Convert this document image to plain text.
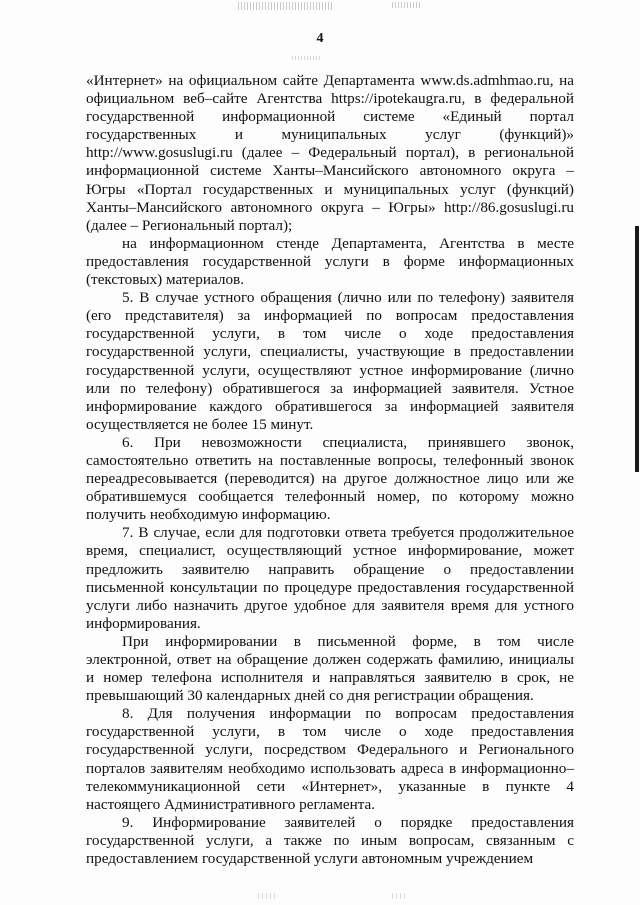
4

«Интернет» на официальном сайте Департамента www.ds.admhmao.ru, на официальном веб–сайте Агентства https://ipotekaugra.ru, в федеральной государственной информационной системе «Единый портал государственных и муниципальных услуг (функций)» http://www.gosuslugi.ru (далее – Федеральный портал), в региональной информационной системе Ханты–Мансийского автономного округа – Югры «Портал государственных и муниципальных услуг (функций) Ханты–Мансийского автономного округа – Югры» http://86.gosuslugi.ru (далее – Региональный портал);

на информационном стенде Департамента, Агентства в месте предоставления государственной услуги в форме информационных (текстовых) материалов.

5. В случае устного обращения (лично или по телефону) заявителя (его представителя) за информацией по вопросам предоставления государственной услуги, в том числе о ходе предоставления государственной услуги, специалисты, участвующие в предоставлении государственной услуги, осуществляют устное информирование (лично или по телефону) обратившегося за информацией заявителя. Устное информирование каждого обратившегося за информацией заявителя осуществляется не более 15 минут.

6. При невозможности специалиста, принявшего звонок, самостоятельно ответить на поставленные вопросы, телефонный звонок переадресовывается (переводится) на другое должностное лицо или же обратившемуся сообщается телефонный номер, по которому можно получить необходимую информацию.

7. В случае, если для подготовки ответа требуется продолжительное время, специалист, осуществляющий устное информирование, может предложить заявителю направить обращение о предоставлении письменной консультации по процедуре предоставления государственной услуги либо назначить другое удобное для заявителя время для устного информирования.

При информировании в письменной форме, в том числе электронной, ответ на обращение должен содержать фамилию, инициалы и номер телефона исполнителя и направляться заявителю в срок, не превышающий 30 календарных дней со дня регистрации обращения.

8. Для получения информации по вопросам предоставления государственной услуги, в том числе о ходе предоставления государственной услуги, посредством Федерального и Регионального порталов заявителям необходимо использовать адреса в информационно–телекоммуникационной сети «Интернет», указанные в пункте 4 настоящего Административного регламента.

9. Информирование заявителей о порядке предоставления государственной услуги, а также по иным вопросам, связанным с предоставлением государственной услуги автономным учреждением
